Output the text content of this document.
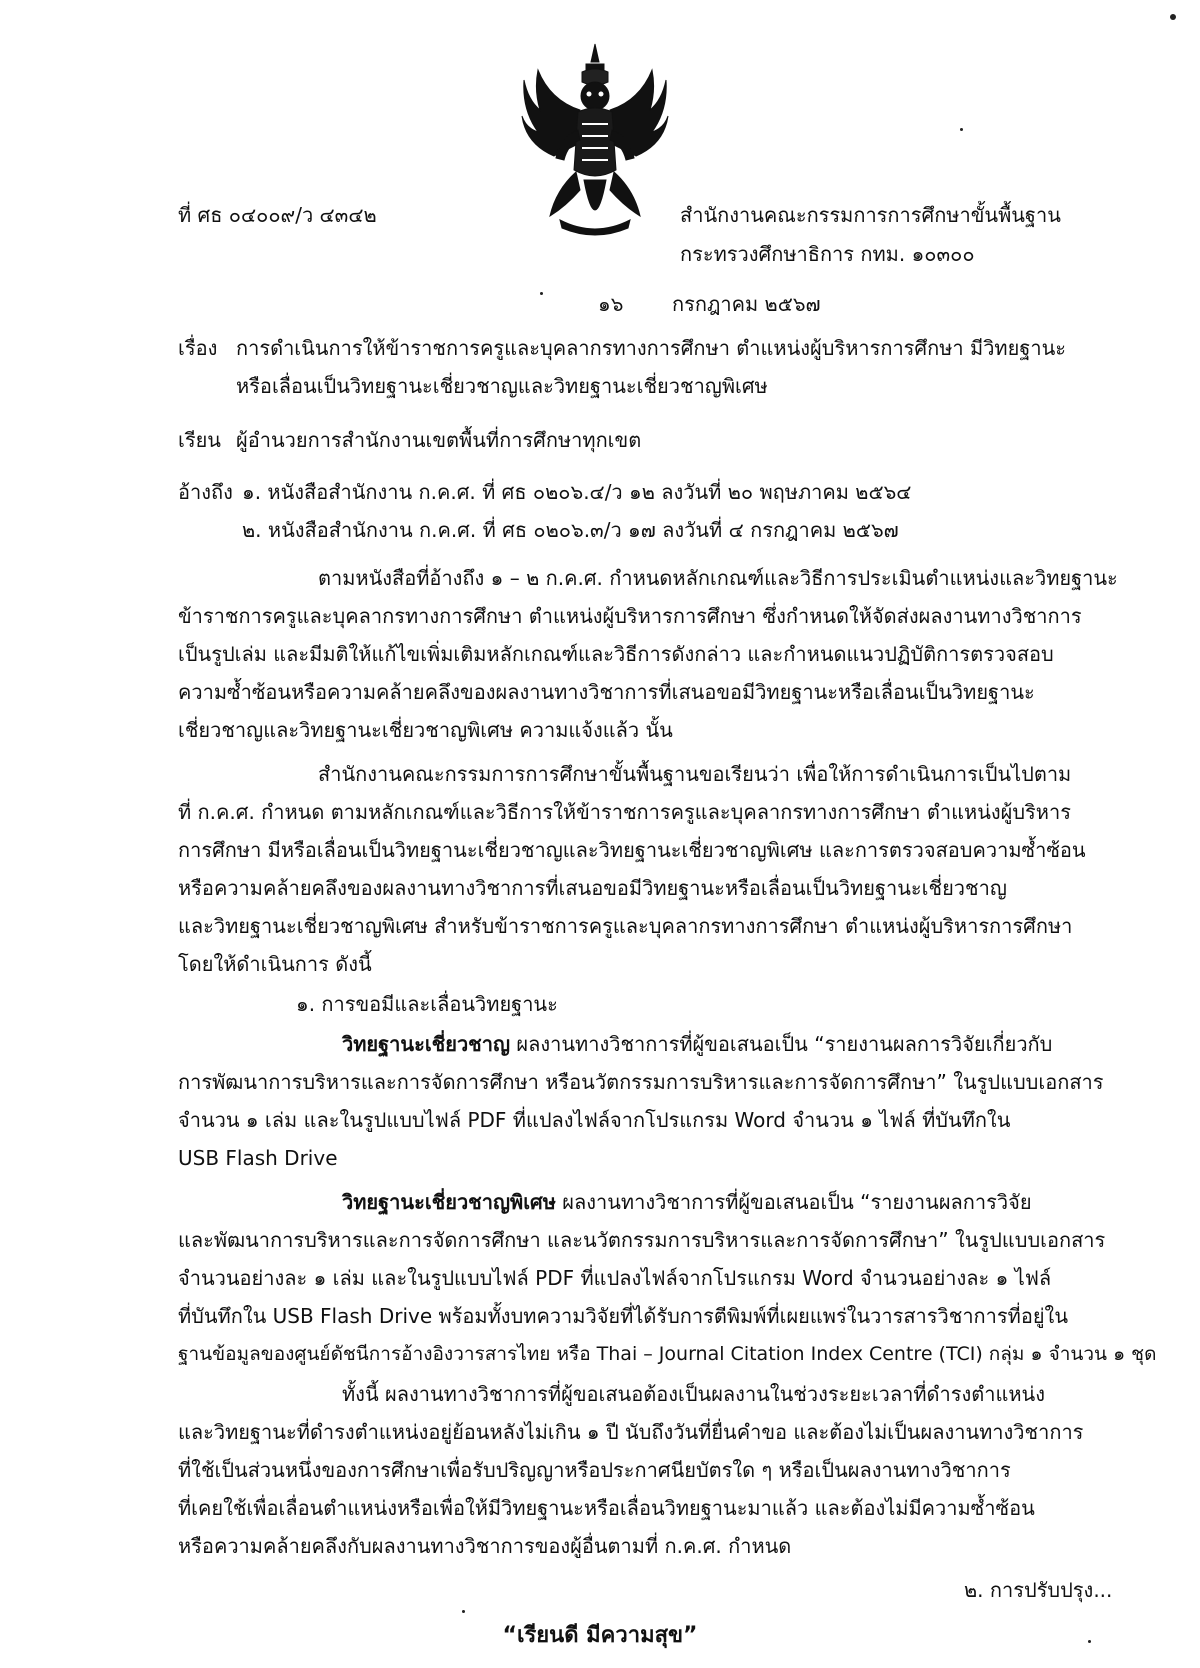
ที่ ศธ ๐๔๐๐๙/ว ๔๓๔๒	สำนักงานคณะกรรมการการศึกษาขั้นพื้นฐาน
กระทรวงศึกษาธิการ กทม. ๑๐๓๐๐
๑๖ กรกฎาคม ๒๕๖๗
เรื่อง การดำเนินการให้ข้าราชการครูและบุคลากรทางการศึกษา ตำแหน่งผู้บริหารการศึกษา มีวิทยฐานะ
หรือเลื่อนเป็นวิทยฐานะเชี่ยวชาญและวิทยฐานะเชี่ยวชาญพิเศษ
เรียน ผู้อำนวยการสำนักงานเขตพื้นที่การศึกษาทุกเขต
อ้างถึง ๑. หนังสือสำนักงาน ก.ค.ศ. ที่ ศธ ๐๒๐๖.๔/ว ๑๒ ลงวันที่ ๒๐ พฤษภาคม ๒๕๖๔
๒. หนังสือสำนักงาน ก.ค.ศ. ที่ ศธ ๐๒๐๖.๓/ว ๑๗ ลงวันที่ ๔ กรกฎาคม ๒๕๖๗
ตามหนังสือที่อ้างถึง ๑ – ๒ ก.ค.ศ. กำหนดหลักเกณฑ์และวิธีการประเมินตำแหน่งและวิทยฐานะ
ข้าราชการครูและบุคลากรทางการศึกษา ตำแหน่งผู้บริหารการศึกษา ซึ่งกำหนดให้จัดส่งผลงานทางวิชาการ
เป็นรูปเล่ม และมีมติให้แก้ไขเพิ่มเติมหลักเกณฑ์และวิธีการดังกล่าว และกำหนดแนวปฏิบัติการตรวจสอบ
ความซ้ำซ้อนหรือความคล้ายคลึงของผลงานทางวิชาการที่เสนอขอมีวิทยฐานะหรือเลื่อนเป็นวิทยฐานะ
เชี่ยวชาญและวิทยฐานะเชี่ยวชาญพิเศษ ความแจ้งแล้ว นั้น
สำนักงานคณะกรรมการการศึกษาขั้นพื้นฐานขอเรียนว่า เพื่อให้การดำเนินการเป็นไปตาม
ที่ ก.ค.ศ. กำหนด ตามหลักเกณฑ์และวิธีการให้ข้าราชการครูและบุคลากรทางการศึกษา ตำแหน่งผู้บริหาร
การศึกษา มีหรือเลื่อนเป็นวิทยฐานะเชี่ยวชาญและวิทยฐานะเชี่ยวชาญพิเศษ และการตรวจสอบความซ้ำซ้อน
หรือความคล้ายคลึงของผลงานทางวิชาการที่เสนอขอมีวิทยฐานะหรือเลื่อนเป็นวิทยฐานะเชี่ยวชาญ
และวิทยฐานะเชี่ยวชาญพิเศษ สำหรับข้าราชการครูและบุคลากรทางการศึกษา ตำแหน่งผู้บริหารการศึกษา
โดยให้ดำเนินการ ดังนี้
๑. การขอมีและเลื่อนวิทยฐานะ
วิทยฐานะเชี่ยวชาญ ผลงานทางวิชาการที่ผู้ขอเสนอเป็น “รายงานผลการวิจัยเกี่ยวกับ
การพัฒนาการบริหารและการจัดการศึกษา หรือนวัตกรรมการบริหารและการจัดการศึกษา” ในรูปแบบเอกสาร
จำนวน ๑ เล่ม และในรูปแบบไฟล์ PDF ที่แปลงไฟล์จากโปรแกรม Word จำนวน ๑ ไฟล์ ที่บันทึกใน
USB Flash Drive
วิทยฐานะเชี่ยวชาญพิเศษ ผลงานทางวิชาการที่ผู้ขอเสนอเป็น “รายงานผลการวิจัย
และพัฒนาการบริหารและการจัดการศึกษา และนวัตกรรมการบริหารและการจัดการศึกษา” ในรูปแบบเอกสาร
จำนวนอย่างละ ๑ เล่ม และในรูปแบบไฟล์ PDF ที่แปลงไฟล์จากโปรแกรม Word จำนวนอย่างละ ๑ ไฟล์
ที่บันทึกใน USB Flash Drive พร้อมทั้งบทความวิจัยที่ได้รับการตีพิมพ์ที่เผยแพร่ในวารสารวิชาการที่อยู่ใน
ฐานข้อมูลของศูนย์ดัชนีการอ้างอิงวารสารไทย หรือ Thai – Journal Citation Index Centre (TCI) กลุ่ม ๑ จำนวน ๑ ชุด
ทั้งนี้ ผลงานทางวิชาการที่ผู้ขอเสนอต้องเป็นผลงานในช่วงระยะเวลาที่ดำรงตำแหน่ง
และวิทยฐานะที่ดำรงตำแหน่งอยู่ย้อนหลังไม่เกิน ๑ ปี นับถึงวันที่ยื่นคำขอ และต้องไม่เป็นผลงานทางวิชาการ
ที่ใช้เป็นส่วนหนึ่งของการศึกษาเพื่อรับปริญญาหรือประกาศนียบัตรใด ๆ หรือเป็นผลงานทางวิชาการ
ที่เคยใช้เพื่อเลื่อนตำแหน่งหรือเพื่อให้มีวิทยฐานะหรือเลื่อนวิทยฐานะมาแล้ว และต้องไม่มีความซ้ำซ้อน
หรือความคล้ายคลึงกับผลงานทางวิชาการของผู้อื่นตามที่ ก.ค.ศ. กำหนด
๒. การปรับปรุง...
“เรียนดี มีความสุข”
